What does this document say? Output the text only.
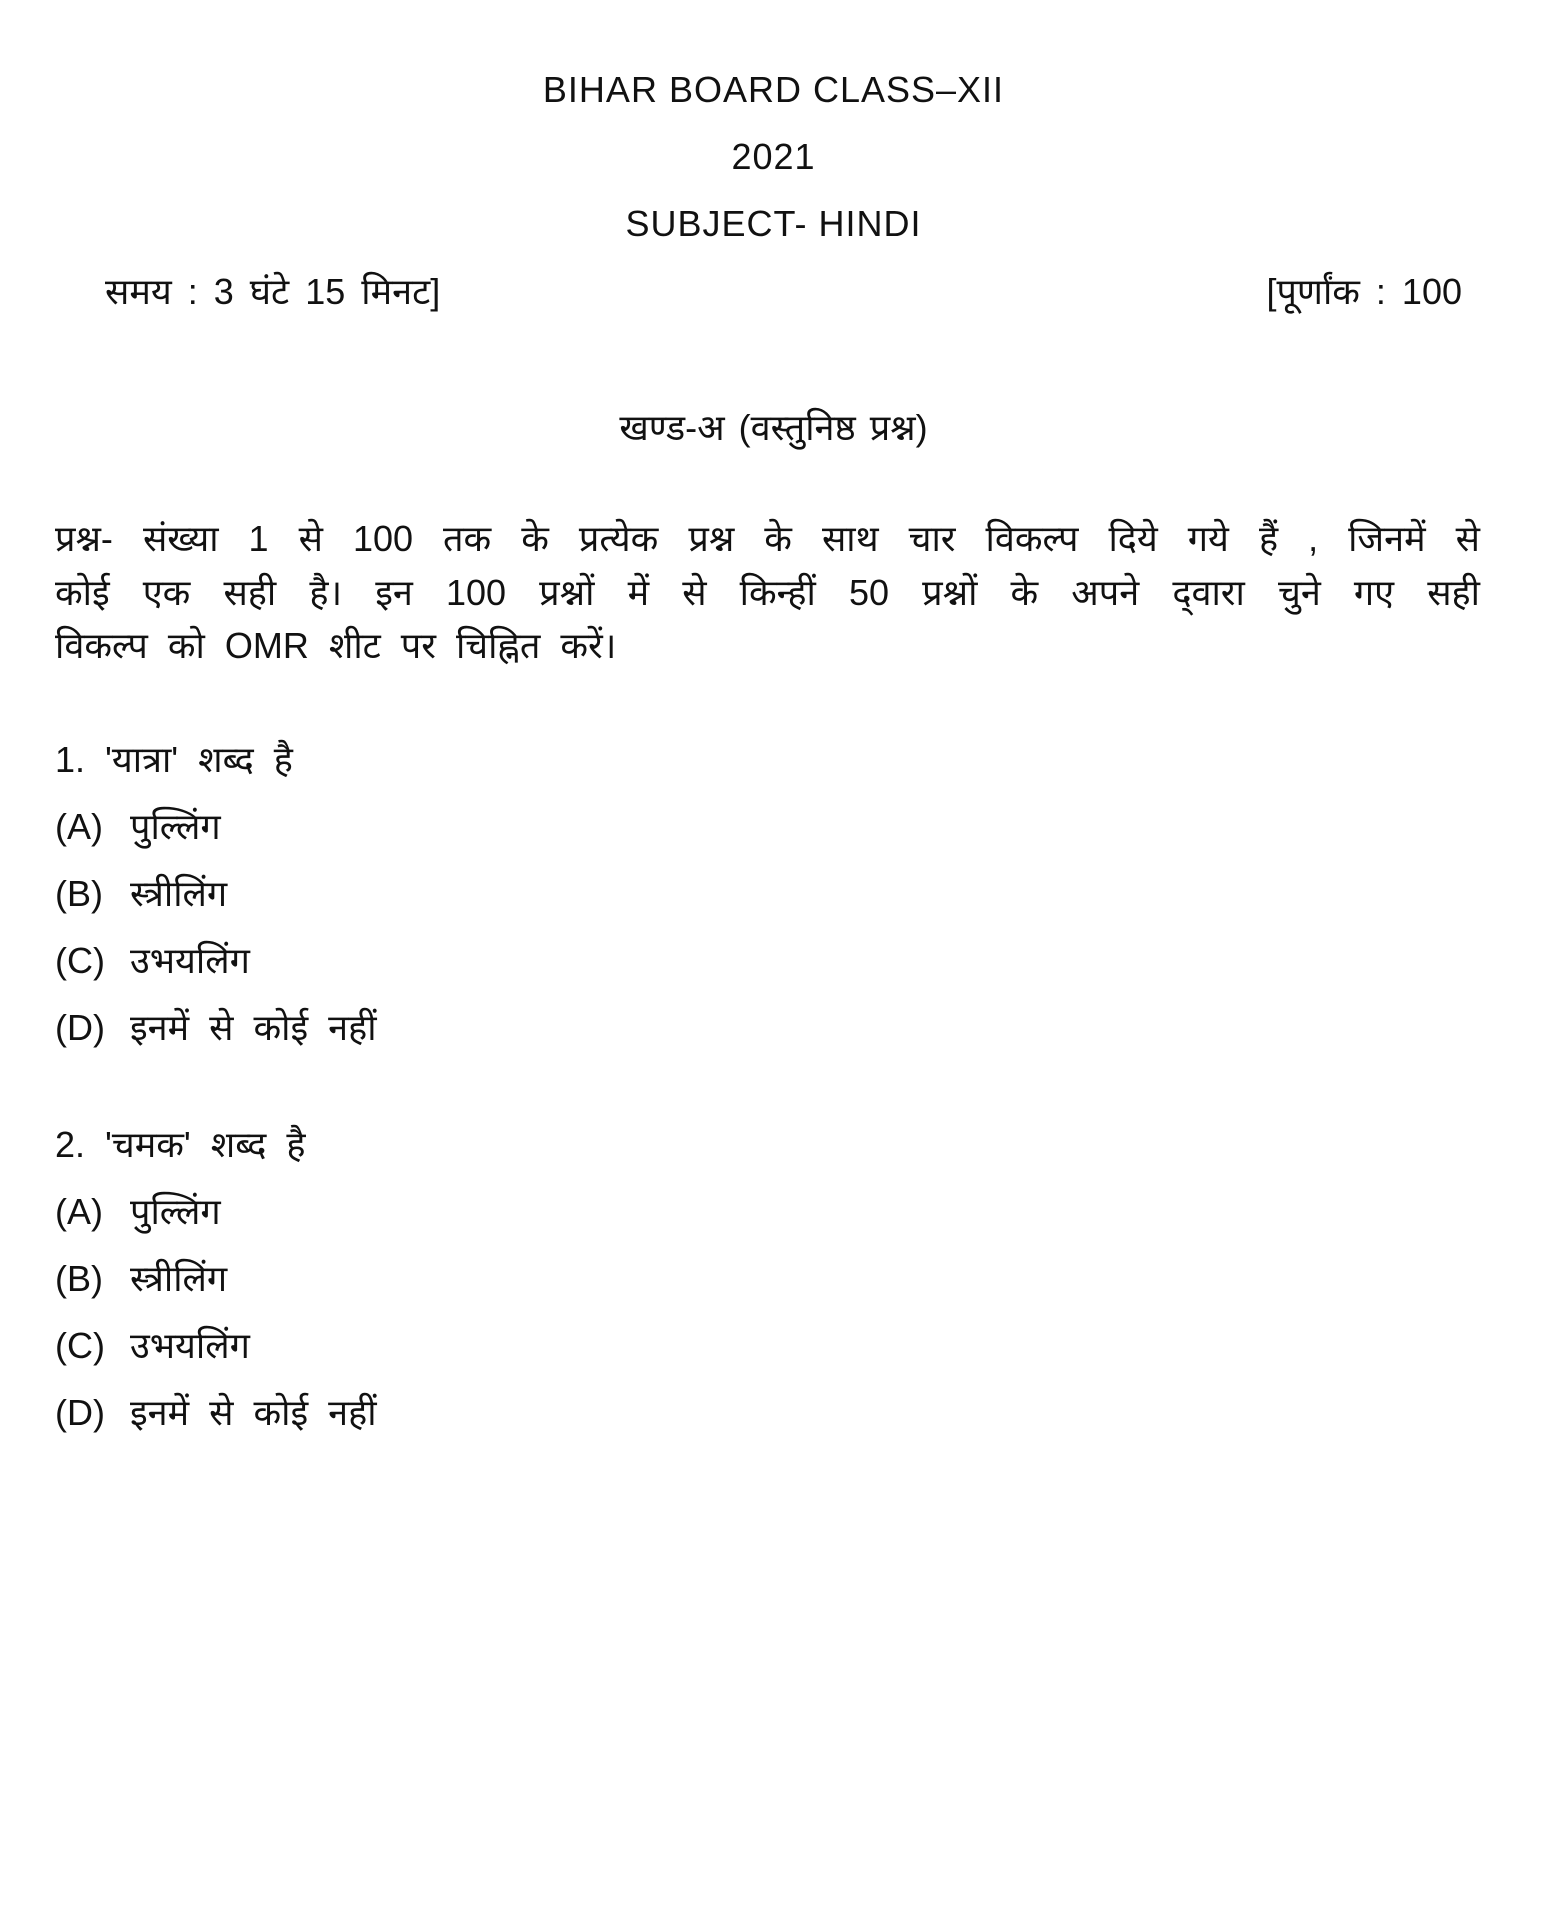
BIHAR BOARD CLASS–XII
2021
SUBJECT- HINDI
समय : 3 घंटे 15 मिनट]	[पूर्णांक : 100
खण्ड-अ (वस्तुनिष्ठ प्रश्न)
प्रश्न- संख्या 1 से 100 तक के प्रत्येक प्रश्न के साथ चार विकल्प दिये गये हैं , जिनमें से
कोई एक सही है। इन 100 प्रश्नों में से किन्हीं 50 प्रश्नों के अपने द्‌वारा चुने गए सही
विकल्प को OMR शीट पर चिह्नित करें।
1. 'यात्रा' शब्द है
(A) पुल्लिंग
(B) स्त्रीलिंग
(C) उभयलिंग
(D) इनमें से कोई नहीं
2. 'चमक' शब्द है
(A) पुल्लिंग
(B) स्त्रीलिंग
(C) उभयलिंग
(D) इनमें से कोई नहीं
